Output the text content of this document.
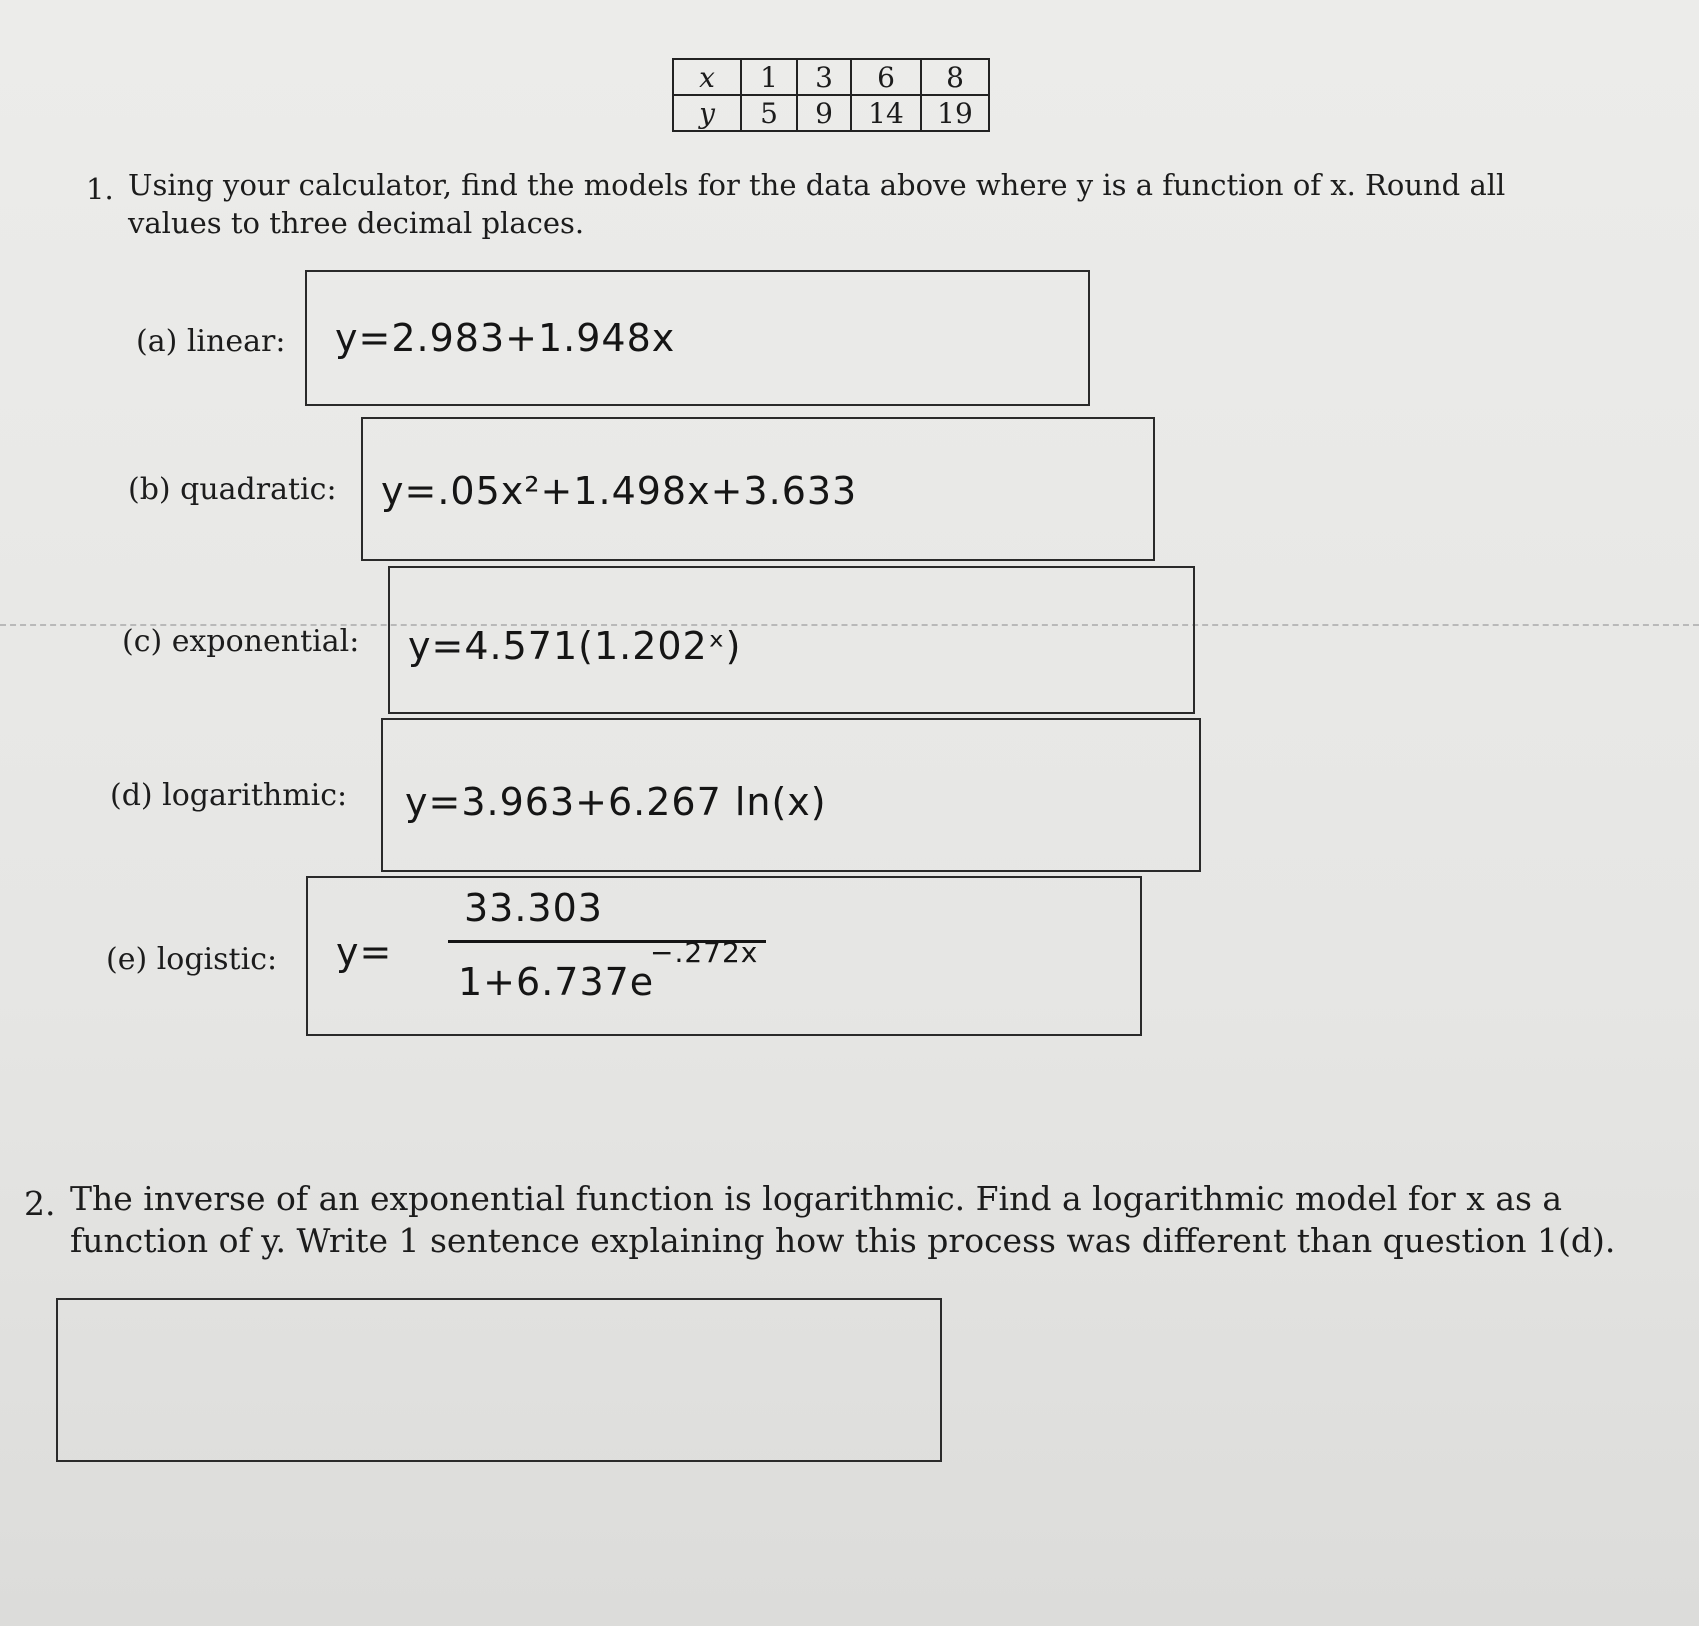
x	1	3	6	8
y	5	9	14	19
1. Using your calculator, find the models for the data above where y is a function of x. Round all values to three decimal places.
(a) linear: y=2.983+1.948x
(b) quadratic: y=.05x²+1.498x+3.633
(c) exponential: y=4.571(1.202ˣ)
(d) logarithmic: y=3.963+6.267 ln(x)
(e) logistic: y=
33.303
1+6.737e
−.272x
2. The inverse of an exponential function is logarithmic. Find a logarithmic model for x as a function of y. Write 1 sentence explaining how this process was different than question 1(d).
